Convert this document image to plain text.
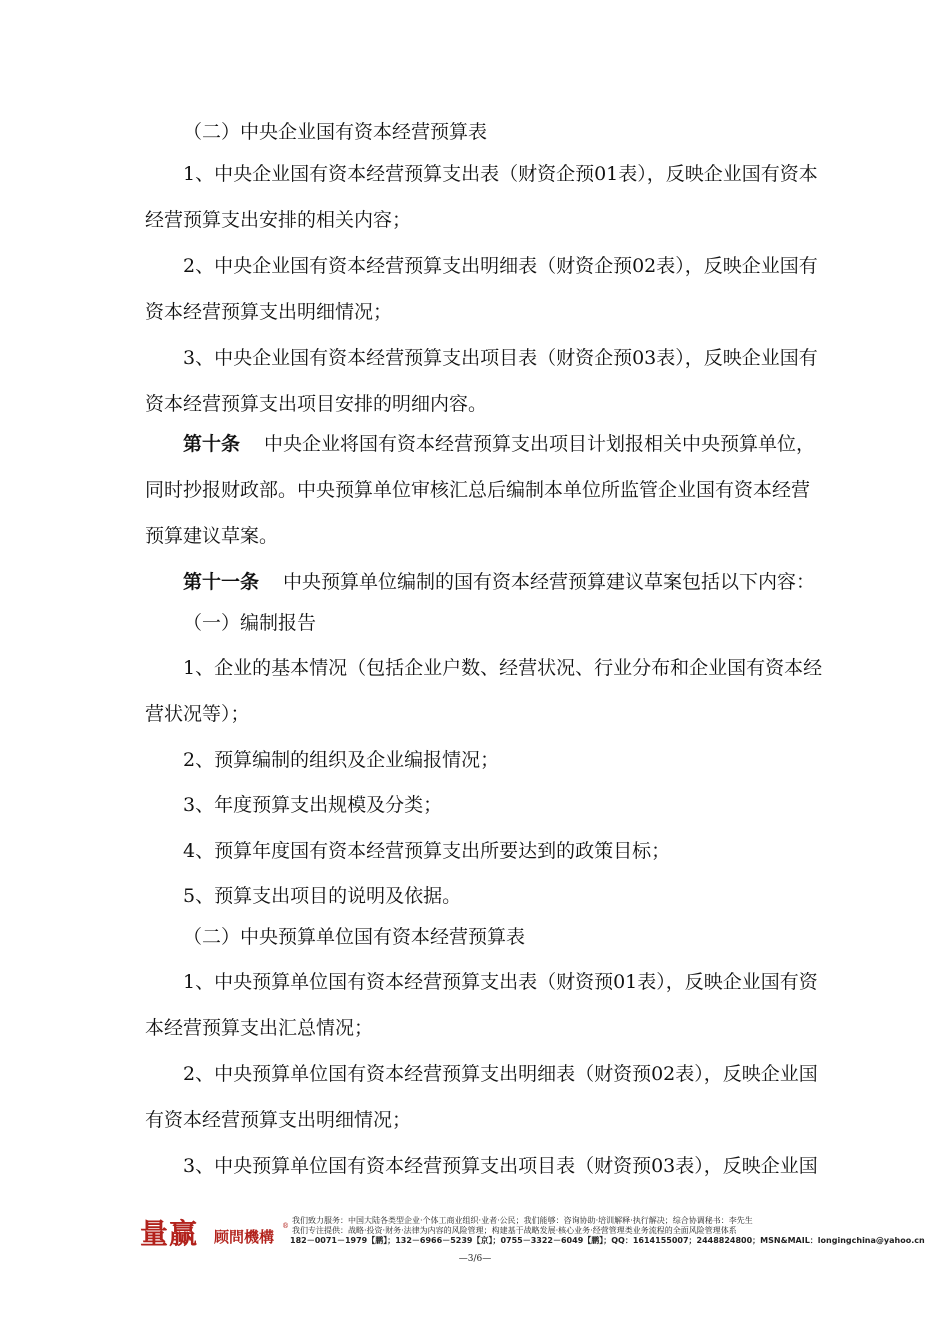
（二）中央企业国有资本经营预算表
1、中央企业国有资本经营预算支出表（财资企预01表），反映企业国有资本
经营预算支出安排的相关内容；
2、中央企业国有资本经营预算支出明细表（财资企预02表），反映企业国有
资本经营预算支出明细情况；
3、中央企业国有资本经营预算支出项目表（财资企预03表），反映企业国有
资本经营预算支出项目安排的明细内容。
第十条 中央企业将国有资本经营预算支出项目计划报相关中央预算单位，
同时抄报财政部。中央预算单位审核汇总后编制本单位所监管企业国有资本经营
预算建议草案。
第十一条 中央预算单位编制的国有资本经营预算建议草案包括以下内容：
（一）编制报告
1、企业的基本情况（包括企业户数、经营状况、行业分布和企业国有资本经
营状况等）；
2、预算编制的组织及企业编报情况；
3、年度预算支出规模及分类；
4、预算年度国有资本经营预算支出所要达到的政策目标；
5、预算支出项目的说明及依据。
（二）中央预算单位国有资本经营预算表
1、中央预算单位国有资本经营预算支出表（财资预01表），反映企业国有资
本经营预算支出汇总情况；
2、中央预算单位国有资本经营预算支出明细表（财资预02表），反映企业国
有资本经营预算支出明细情况；
3、中央预算单位国有资本经营预算支出项目表（财资预03表），反映企业国
量赢 顾問機構
®
我们致力服务：中国大陆各类型企业·个体工商业组织·业者·公民；我们能够：咨询协助·培训解释·执行解决；综合协调秘书：李先生
我们专注提供：战略·投资·财务·法律为内容的风险管理；构建基于战略发展·核心业务·经营管理类业务流程的全面风险管理体系
182－0071－1979【鹏】；132－6966－5239【京】；0755－3322－6049【鹏】；QQ：1614155007；2448824800；MSN&MAIL：longingchina@yahoo.cn
—3/6—
